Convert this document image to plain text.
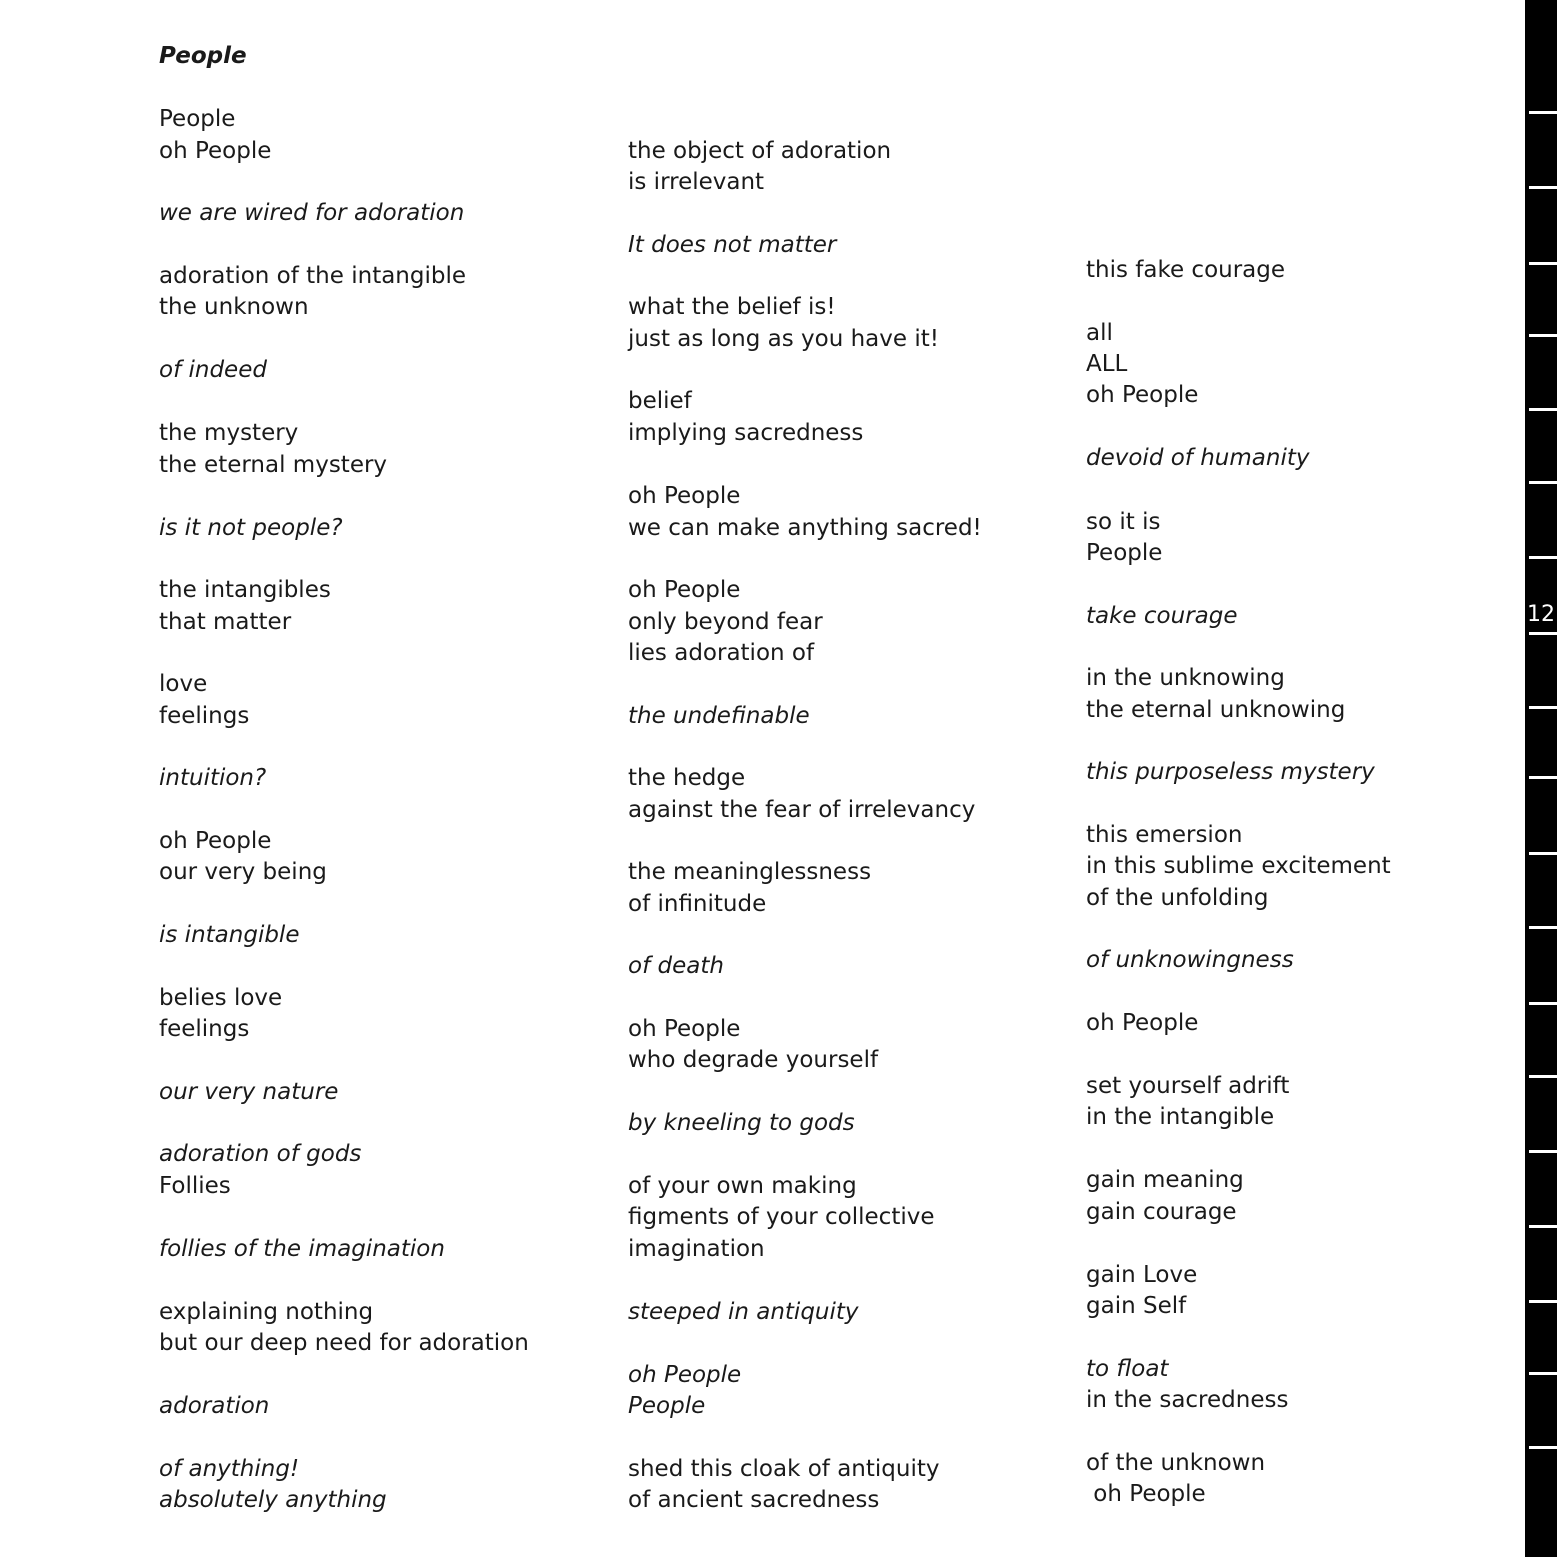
People
People
oh People
we are wired for adoration
adoration of the intangible
the unknown
of indeed
the mystery
the eternal mystery
is it not people?
the intangibles
that matter
love
feelings
intuition?
oh People
our very being
is intangible
belies love
feelings
our very nature
adoration of gods
Follies
follies of the imagination
explaining nothing
but our deep need for adoration
adoration
of anything!
absolutely anything
the object of adoration
is irrelevant
It does not matter
what the belief is!
just as long as you have it!
belief
implying sacredness
oh People
we can make anything sacred!
oh People
only beyond fear
lies adoration of
the undefinable
the hedge
against the fear of irrelevancy
the meaninglessness
of infinitude
of death
oh People
who degrade yourself
by kneeling to gods
of your own making
figments of your collective
imagination
steeped in antiquity
oh People
People
shed this cloak of antiquity
of ancient sacredness
this fake courage
all
ALL
oh People
devoid of humanity
so it is
People
take courage
in the unknowing
the eternal unknowing
this purposeless mystery
this emersion
in this sublime excitement
of the unfolding
of unknowingness
oh People
set yourself adrift
in the intangible
gain meaning
gain courage
gain Love
gain Self
to float
in the sacredness
of the unknown
oh People
12
